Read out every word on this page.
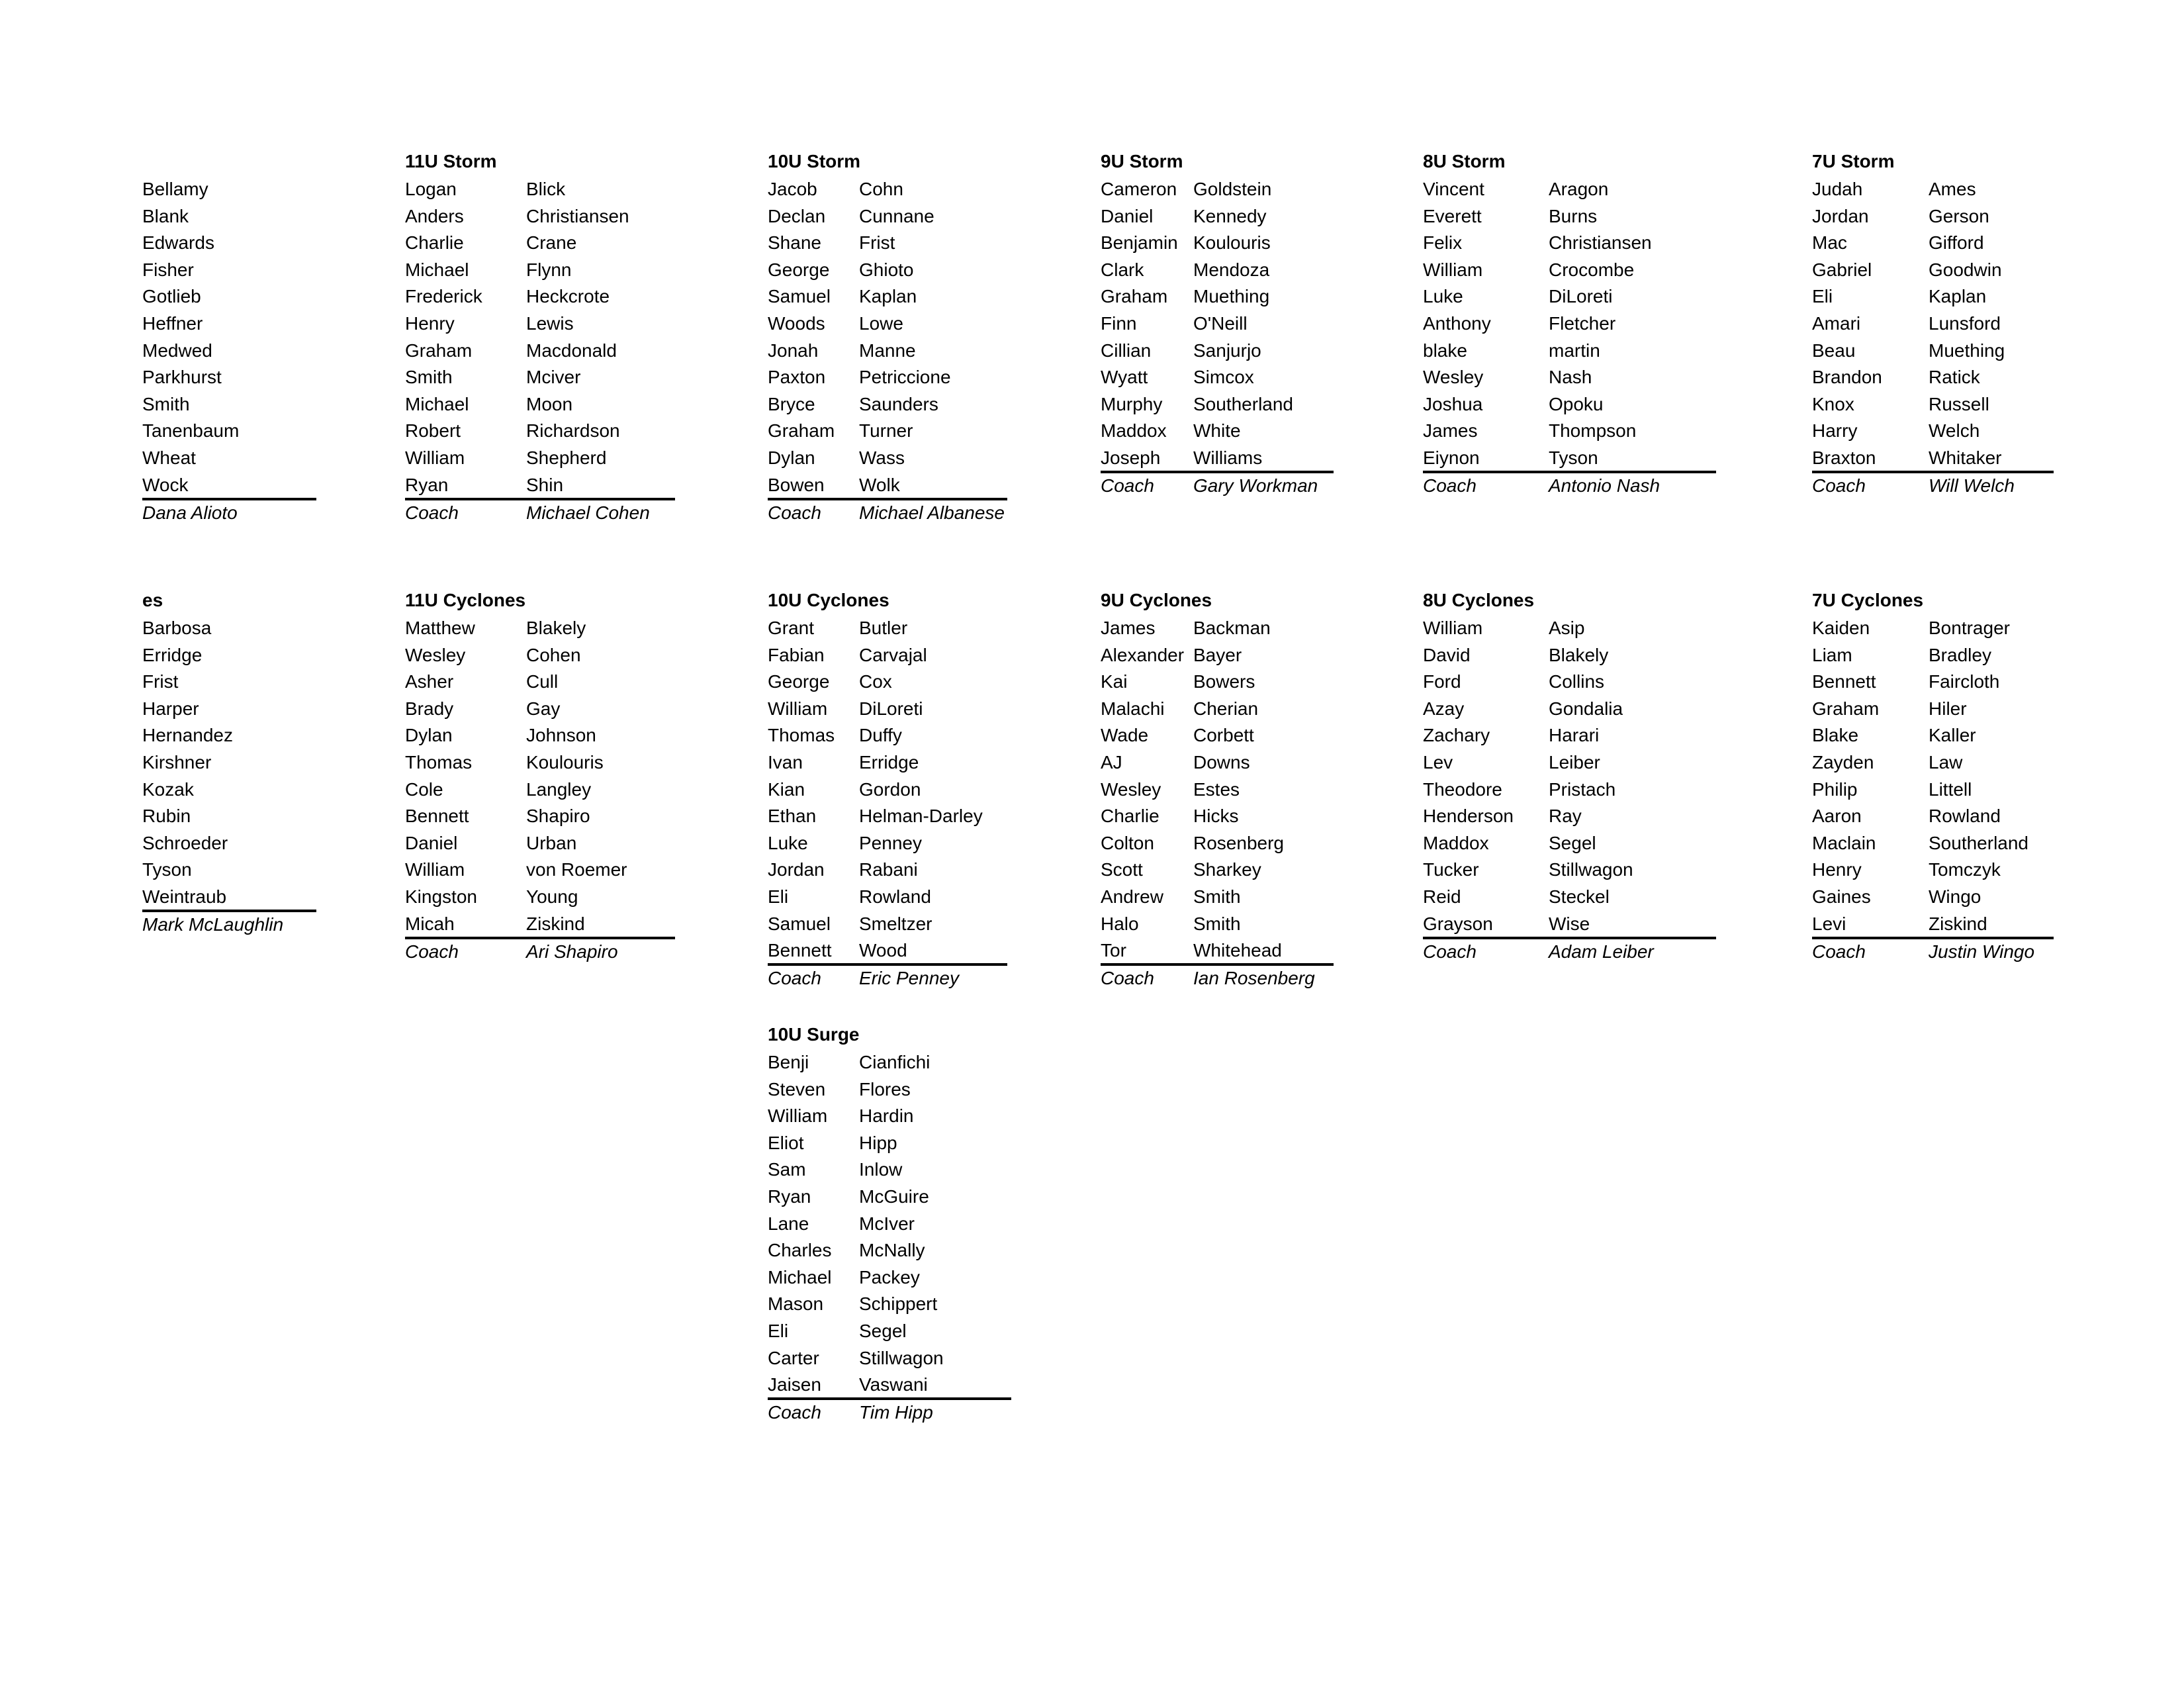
Bellamy
Blank
Edwards
Fisher
Gotlieb
Heffner
Medwed
Parkhurst
Smith
Tanenbaum
Wheat
Wock
Dana Alioto
11U Storm
Logan	Blick
Anders	Christiansen
Charlie	Crane
Michael	Flynn
Frederick Heckcrote
Henry	Lewis
Graham	Macdonald
Smith	Mciver
Michael	Moon
Robert	Richardson
William	Shepherd
Ryan	Shin
Coach	Michael Cohen
10U Storm
Jacob Cohn
Declan Cunnane
Shane Frist
George Ghioto
Samuel Kaplan
Woods Lowe
Jonah Manne
Paxton Petriccione
Bryce Saunders
Graham Turner
Dylan Wass
Bowen Wolk
Coach Michael Albanese
9U Storm
Cameron Goldstein
Daniel Kennedy
Benjamin Koulouris
Clark	Mendoza
Graham Muething
Finn	O'Neill
Cillian Sanjurjo
Wyatt Simcox
Murphy Southerland
Maddox White
Joseph Williams
Coach Gary Workman
8U Storm
Vincent	Aragon
Everett	Burns
Felix	Christiansen
William	Crocombe
Luke	DiLoreti
Anthony	Fletcher
blake	martin
Wesley	Nash
Joshua	Opoku
James	Thompson
Eiynon	Tyson
Coach	Antonio Nash
7U Storm
Judah	Ames
Jordan	Gerson
Mac	Gifford
Gabriel	Goodwin
Eli	Kaplan
Amari	Lunsford
Beau	Muething
Brandon	Ratick
Knox	Russell
Harry	Welch
Braxton	Whitaker
Coach	Will Welch
es
Barbosa
Erridge
Frist
Harper
Hernandez
Kirshner
Kozak
Rubin
Schroeder
Tyson
Weintraub
Mark McLaughlin
11U Cyclones
Matthew	Blakely
Wesley	Cohen
Asher	Cull
Brady	Gay
Dylan	Johnson
Thomas	Koulouris
Cole	Langley
Bennett	Shapiro
Daniel	Urban
William	von Roemer
Kingston	Young
Micah	Ziskind
Coach	Ari Shapiro
10U Cyclones
Grant Butler
Fabian Carvajal
George Cox
William DiLoreti
Thomas Duffy
Ivan	Erridge
Kian	Gordon
Ethan Helman-Darley
Luke	Penney
Jordan Rabani
Eli	Rowland
Samuel Smeltzer
Bennett Wood
Coach Eric Penney
9U Cyclones
James Backman
Alexander Bayer
Kai	Bowers
Malachi Cherian
Wade Corbett
AJ	Downs
Wesley Estes
Charlie Hicks
Colton Rosenberg
Scott	Sharkey
Andrew Smith
Halo	Smith
Tor	Whitehead
Coach Ian Rosenberg
8U Cyclones
William	Asip
David	Blakely
Ford	Collins
Azay	Gondalia
Zachary	Harari
Lev	Leiber
Theodore	Pristach
Henderson Ray
Maddox	Segel
Tucker	Stillwagon
Reid	Steckel
Grayson	Wise
Coach	Adam Leiber
7U Cyclones
Kaiden	Bontrager
Liam	Bradley
Bennett	Faircloth
Graham	Hiler
Blake	Kaller
Zayden	Law
Philip	Littell
Aaron	Rowland
Maclain	Southerland
Henry	Tomczyk
Gaines	Wingo
Levi	Ziskind
Coach	Justin Wingo
10U Surge
Benji	Cianfichi
Steven Flores
William Hardin
Eliot	Hipp
Sam	Inlow
Ryan	McGuire
Lane	McIver
Charles McNally
Michael Packey
Mason Schippert
Eli	Segel
Carter Stillwagon
Jaisen Vaswani
Coach Tim Hipp
